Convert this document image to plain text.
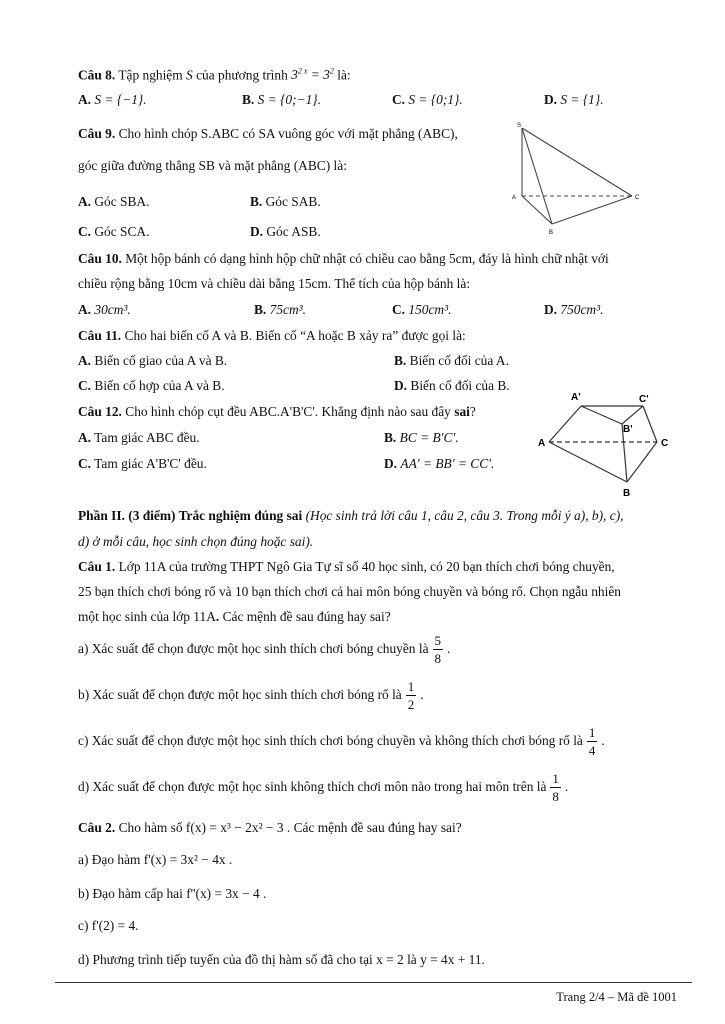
Câu 8. Tập nghiệm S của phương trình $3^{2 x} = 3^2$ là:
A. S = {−1}.	B. S = {0;−1}.	C. S = {0;1}.	D. S = {1}.
Câu 9. Cho hình chóp S.ABC có SA vuông góc với mặt phẳng (ABC),
góc giữa đường thẳng SB và mặt phẳng (ABC) là:
A. Góc SBA.	B. Góc SAB.
C. Góc SCA.	D. Góc ASB.
S
A
B
C
Câu 10. Một hộp bánh có dạng hình hộp chữ nhật có chiều cao bằng 5cm, đáy là hình chữ nhật với
chiều rộng bằng 10cm và chiều dài bằng 15cm. Thể tích của hộp bánh là:
A. 30cm³.	B. 75cm³.	C. 150cm³.	D. 750cm³.
Câu 11. Cho hai biến cố A và B. Biến cố “A hoặc B xảy ra” được gọi là:
A. Biến cố giao của A và B.	B. Biến cố đối của A.
C. Biến cố hợp của A và B.	D. Biến cố đối của B.
Câu 12. Cho hình chóp cụt đều ABC.A'B'C'. Khẳng định nào sau đây sai?
A. Tam giác ABC đều.	B. BC = B'C'.
C. Tam giác A'B'C' đều.	D. AA' = BB' = CC'.
A'	C'
B'
A	C
B
Phần II. (3 điểm) Trắc nghiệm đúng sai (Học sinh trả lời câu 1, câu 2, câu 3. Trong mỗi ý a), b), c),
d) ở mỗi câu, học sinh chọn đúng hoặc sai).
Câu 1. Lớp 11A của trường THPT Ngô Gia Tự sĩ số 40 học sinh, có 20 bạn thích chơi bóng chuyền,
25 bạn thích chơi bóng rổ và 10 bạn thích chơi cả hai môn bóng chuyền và bóng rổ. Chọn ngẫu nhiên
một học sinh của lớp 11A. Các mệnh đề sau đúng hay sai?
a) Xác suất để chọn được một học sinh thích chơi bóng chuyền là $\frac{5}{8}$ .
b) Xác suất để chọn được một học sinh thích chơi bóng rổ là $\frac{1}{2}$ .
c) Xác suất để chọn được một học sinh thích chơi bóng chuyền và không thích chơi bóng rổ là $\frac{1}{4}$ .
d) Xác suất để chọn được một học sinh không thích chơi môn nào trong hai môn trên là $\frac{1}{8}$ .
Câu 2. Cho hàm số f(x) = x³ − 2x² − 3 . Các mệnh đề sau đúng hay sai?
a) Đạo hàm f'(x) = 3x² − 4x .
b) Đạo hàm cấp hai f''(x) = 3x − 4 .
c) f'(2) = 4.
d) Phương trình tiếp tuyến của đồ thị hàm số đã cho tại x = 2 là y = 4x + 11.
Trang 2/4 – Mã đề 1001
